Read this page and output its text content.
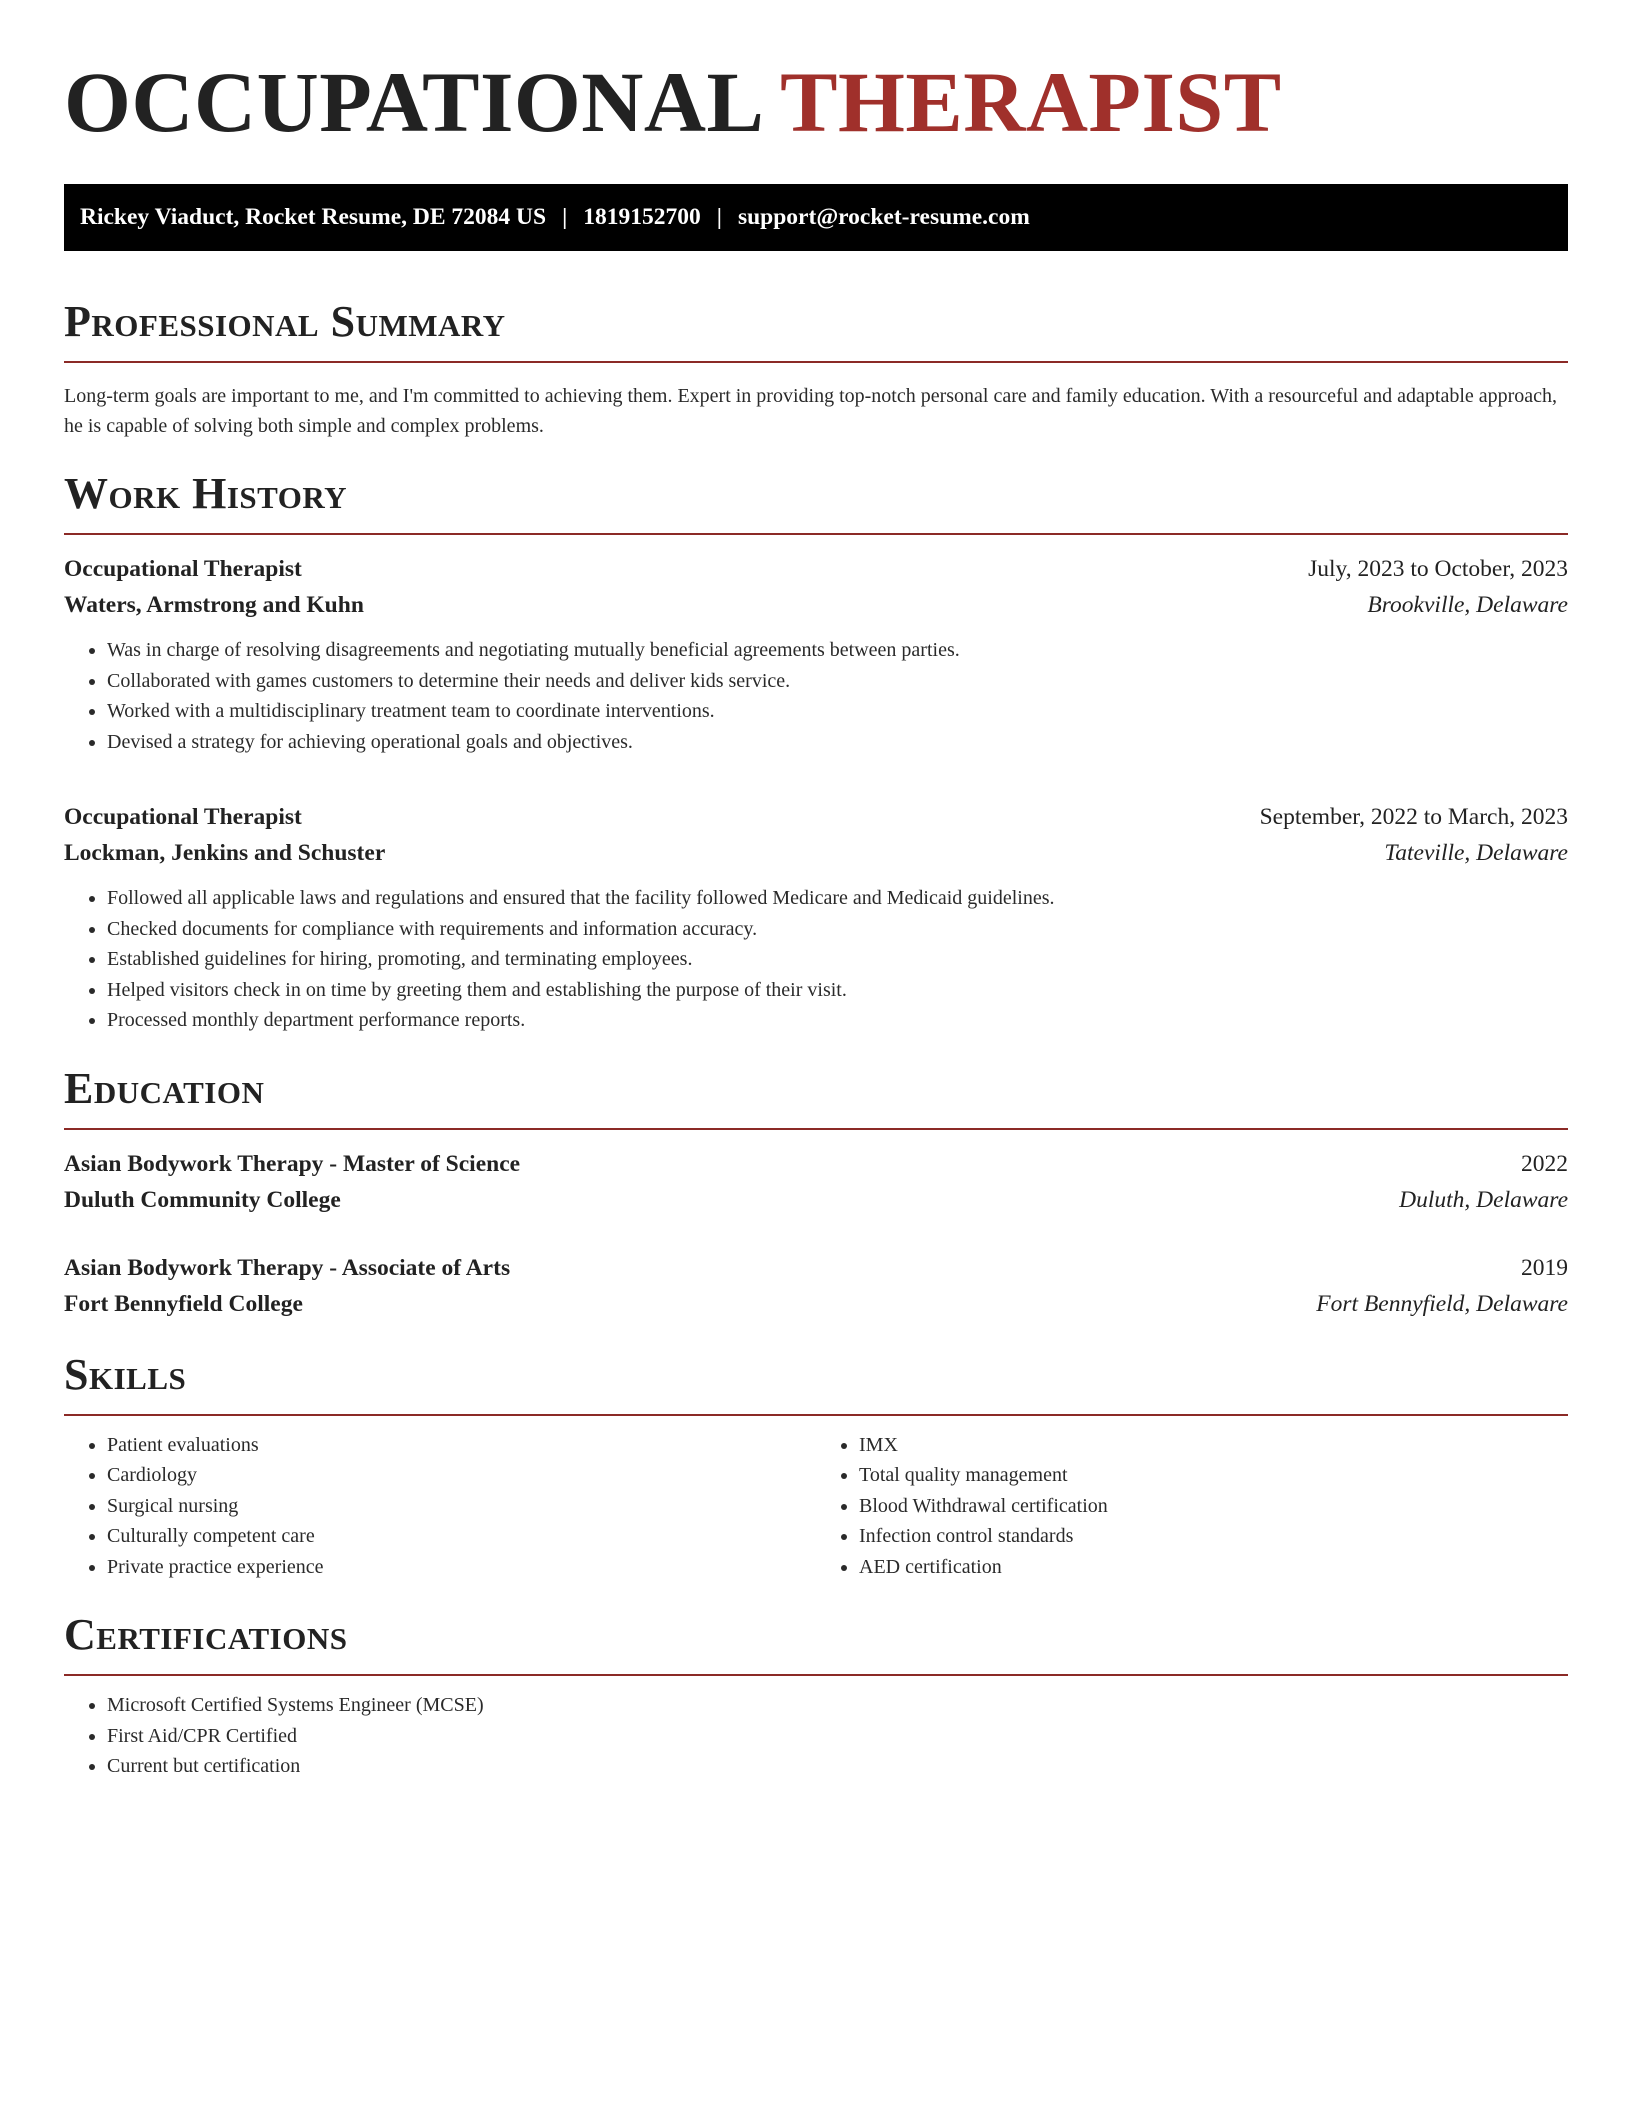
OCCUPATIONAL THERAPIST
Rickey Viaduct, Rocket Resume, DE 72084 US | 1819152700 | support@rocket-resume.com
Professional Summary

Long-term goals are important to me, and I'm committed to achieving them. Expert in providing top-notch personal care and family education. With a resourceful and adaptable approach, he is capable of solving both simple and complex problems.

Work History
Occupational Therapist	July, 2023 to October, 2023
Waters, Armstrong and Kuhn	Brookville, Delaware
• Was in charge of resolving disagreements and negotiating mutually beneficial agreements between parties.
• Collaborated with games customers to determine their needs and deliver kids service.
• Worked with a multidisciplinary treatment team to coordinate interventions.
• Devised a strategy for achieving operational goals and objectives.
Occupational Therapist	September, 2022 to March, 2023
Lockman, Jenkins and Schuster	Tateville, Delaware
• Followed all applicable laws and regulations and ensured that the facility followed Medicare and Medicaid guidelines.
• Checked documents for compliance with requirements and information accuracy.
• Established guidelines for hiring, promoting, and terminating employees.
• Helped visitors check in on time by greeting them and establishing the purpose of their visit.
• Processed monthly department performance reports.
Education
Asian Bodywork Therapy - Master of Science	2022
Duluth Community College	Duluth, Delaware
Asian Bodywork Therapy - Associate of Arts	2019
Fort Bennyfield College	Fort Bennyfield, Delaware
Skills
• Patient evaluations
• Cardiology
• Surgical nursing
• Culturally competent care
• Private practice experience
• IMX
• Total quality management
• Blood Withdrawal certification
• Infection control standards
• AED certification
Certifications
• Microsoft Certified Systems Engineer (MCSE)
• First Aid/CPR Certified
• Current but certification
